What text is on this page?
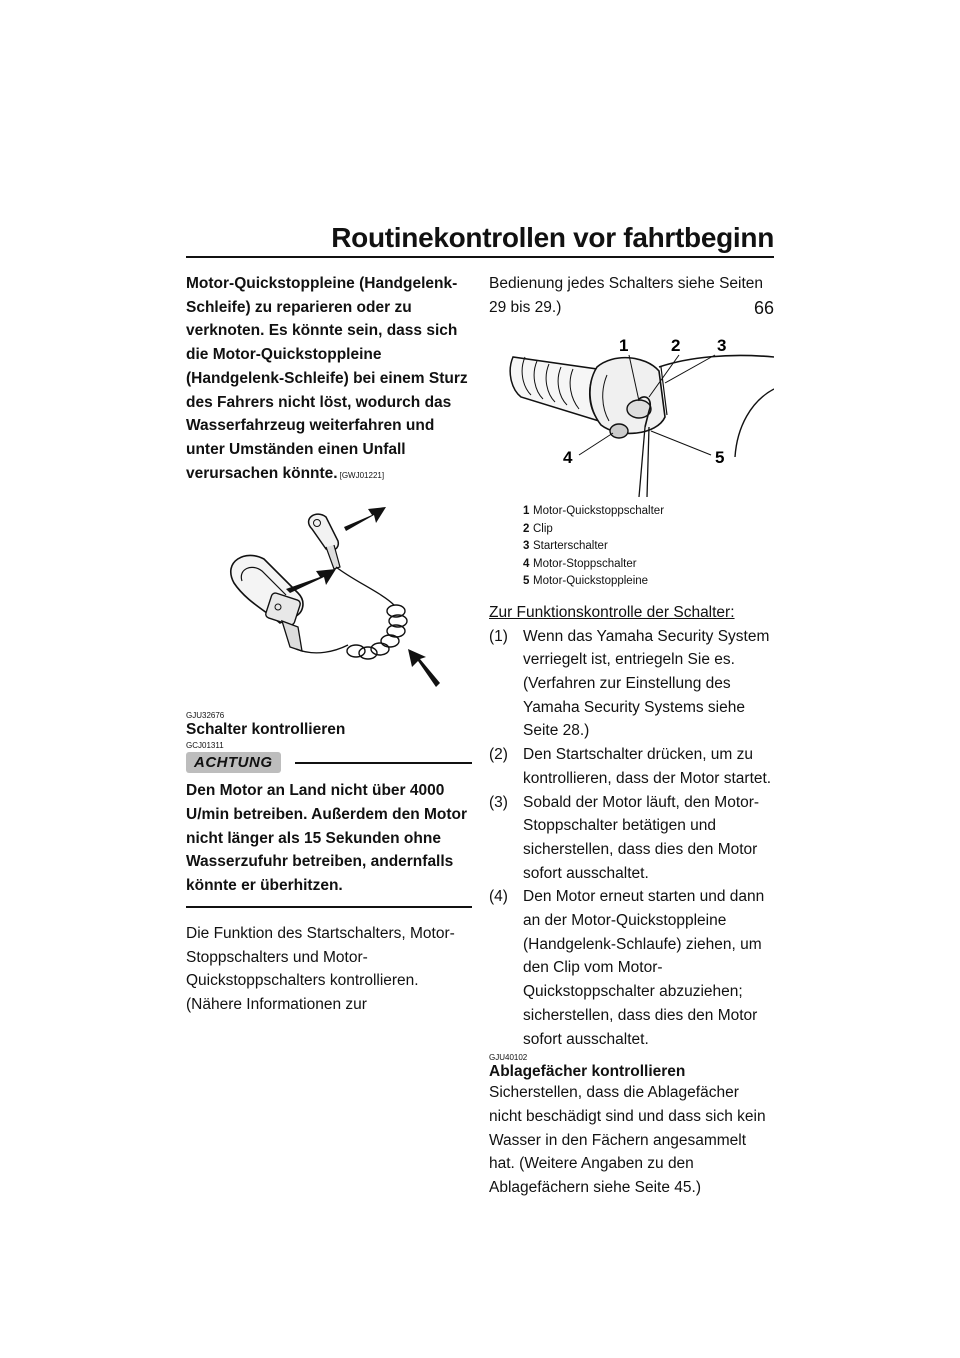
Routinekontrollen vor fahrtbeginn
66

Motor-Quickstoppleine (Handgelenk-Schleife) zu reparieren oder zu verknoten. Es könnte sein, dass sich die Motor-Quickstoppleine (Handgelenk-Schleife) bei einem Sturz des Fahrers nicht löst, wodurch das Wasserfahrzeug weiterfahren und unter Umständen einen Unfall verursachen könnte. [GWJ01221]

GJU32676
Schalter kontrollieren
GCJ01311
ACHTUNG

Den Motor an Land nicht über 4000 U/min betreiben. Außerdem den Motor nicht länger als 15 Sekunden ohne Wasserzufuhr betreiben, andernfalls könnte er überhitzen.

Die Funktion des Startschalters, Motor-Stoppschalters und Motor-Quickstoppschalters kontrollieren. (Nähere Informationen zur

Bedienung jedes Schalters siehe Seiten 29 bis 29.)

1	2 3
4	5
1 Motor-Quickstoppschalter
2 Clip
3 Starterschalter
4 Motor-Stoppschalter
5 Motor-Quickstoppleine

Zur Funktionskontrolle der Schalter:

(1) Wenn das Yamaha Security System verriegelt ist, entriegeln Sie es. (Verfahren zur Einstellung des Yamaha Security Systems siehe Seite 28.)
(2) Den Startschalter drücken, um zu kontrollieren, dass der Motor startet.
(3) Sobald der Motor läuft, den Motor-Stoppschalter betätigen und sicherstellen, dass dies den Motor sofort ausschaltet.
(4) Den Motor erneut starten und dann an der Motor-Quickstoppleine (Handgelenk-Schlaufe) ziehen, um den Clip vom Motor-Quickstoppschalter abzuziehen; sicherstellen, dass dies den Motor sofort ausschaltet.
GJU40102
Ablagefächer kontrollieren

Sicherstellen, dass die Ablagefächer nicht beschädigt sind und dass sich kein Wasser in den Fächern angesammelt hat. (Weitere Angaben zu den Ablagefächern siehe Seite 45.)
